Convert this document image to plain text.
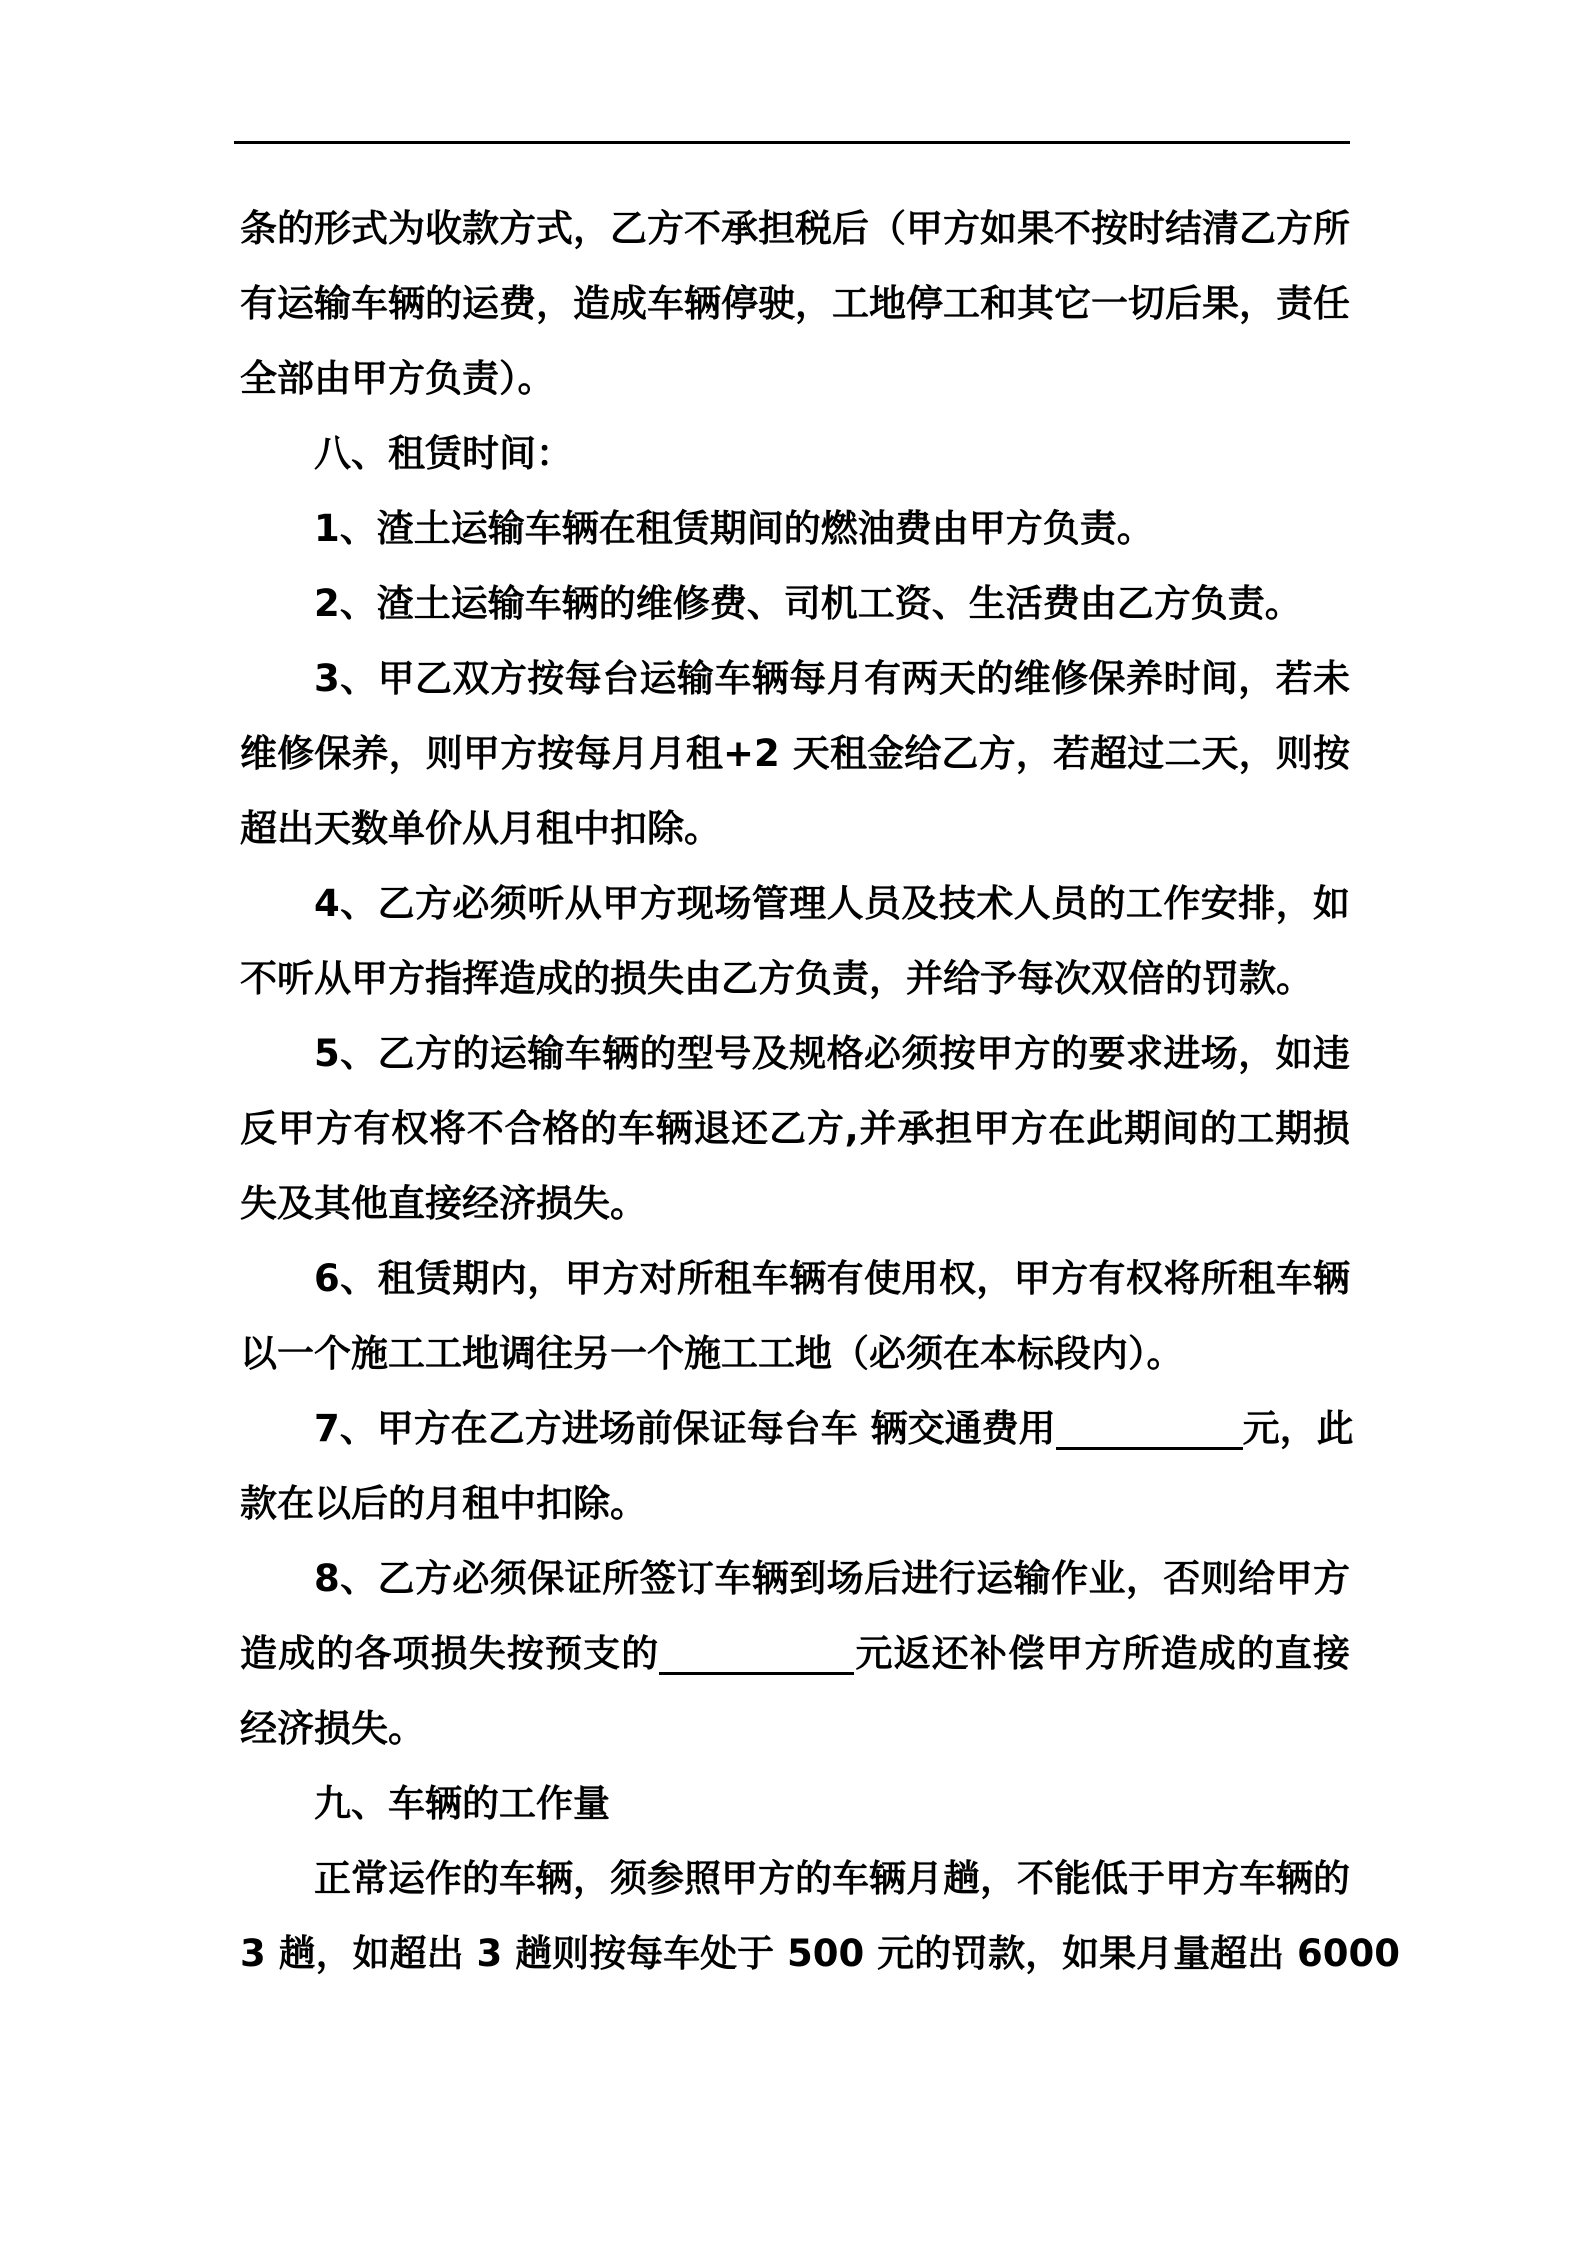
条的形式为收款方式，乙方不承担税后（甲方如果不按时结清乙方所
有运输车辆的运费，造成车辆停驶，工地停工和其它一切后果，责任
全部由甲方负责）。
八、租赁时间：
1、渣土运输车辆在租赁期间的燃油费由甲方负责。
2、渣土运输车辆的维修费、司机工资、生活费由乙方负责。
3、甲乙双方按每台运输车辆每月有两天的维修保养时间，若未
维修保养，则甲方按每月月租+2 天租金给乙方，若超过二天，则按
超出天数单价从月租中扣除。
4、乙方必须听从甲方现场管理人员及技术人员的工作安排，如
不听从甲方指挥造成的损失由乙方负责，并给予每次双倍的罚款。
5、乙方的运输车辆的型号及规格必须按甲方的要求进场，如违
反甲方有权将不合格的车辆退还乙方,并承担甲方在此期间的工期损
失及其他直接经济损失。
6、租赁期内，甲方对所租车辆有使用权，甲方有权将所租车辆
以一个施工工地调往另一个施工工地（必须在本标段内）。
7、甲方在乙方进场前保证每台车 辆交通费用	元，此
款在以后的月租中扣除。
8、乙方必须保证所签订车辆到场后进行运输作业，否则给甲方
造成的各项损失按预支的	元返还补偿甲方所造成的直接
经济损失。
九、车辆的工作量
正常运作的车辆，须参照甲方的车辆月趟，不能低于甲方车辆的
3 趟，如超出 3 趟则按每车处于 500 元的罚款，如果月量超出 6000
